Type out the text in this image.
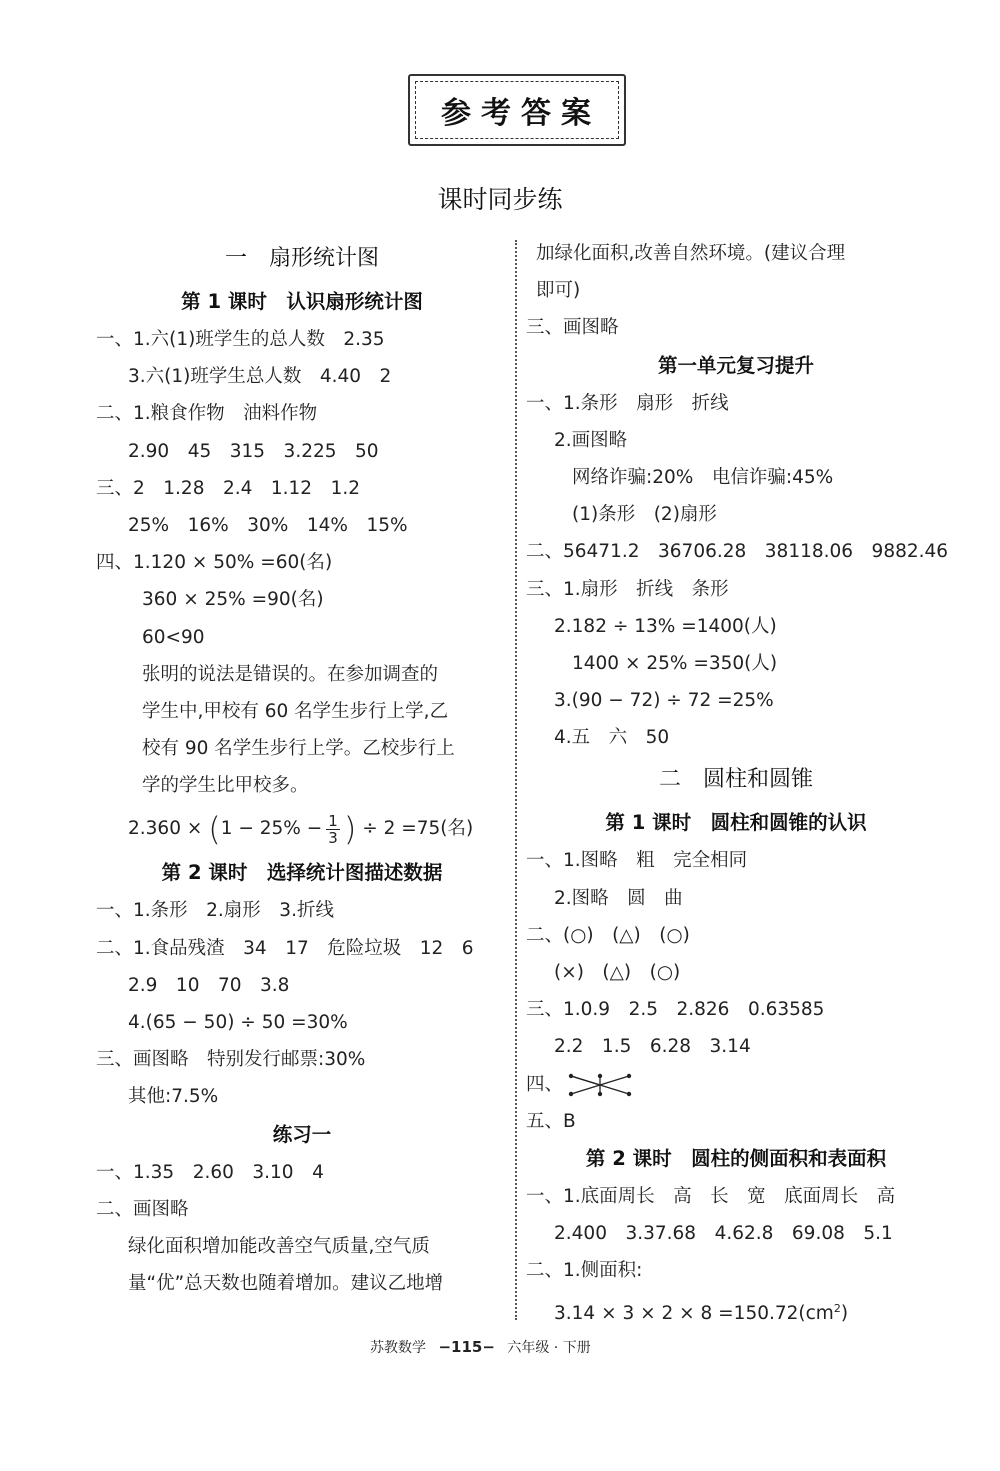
参考答案
课时同步练
一　扇形统计图
第 1 课时　认识扇形统计图
一、1.六(1)班学生的总人数　2.35
3.六(1)班学生总人数　4.40　2
二、1.粮食作物　油料作物
2.90　45　315　3.225　50
三、2　1.28　2.4　1.12　1.2
25%　16%　30%　14%　15%
四、1.120 × 50% =60(名)
360 × 25% =90(名)
60<90
张明的说法是错误的。在参加调查的
学生中,甲校有 60 名学生步行上学,乙
校有 90 名学生步行上学。乙校步行上
学的学生比甲校多。
$2.360 \times (1 - 25\% - \frac{1}{3}$ ) ÷ 2 =75(名)
第 2 课时　选择统计图描述数据
一、1.条形　2.扇形　3.折线
二、1.食品残渣　34　17　危险垃圾　12　6
2.9　10　70　3.8
4.(65 − 50) ÷ 50 =30%
三、画图略　特别发行邮票:30%
其他:7.5%
练习一
一、1.35　2.60　3.10　4
二、画图略
绿化面积增加能改善空气质量,空气质
量“优”总天数也随着增加。建议乙地增
加绿化面积,改善自然环境。(建议合理
即可)
三、画图略
第一单元复习提升
一、1.条形　扇形　折线
2.画图略
网络诈骗:20%　电信诈骗:45%
(1)条形　(2)扇形
二、56471.2　36706.28　38118.06　9882.46
三、1.扇形　折线　条形
2.182 ÷ 13% =1400(人)
1400 × 25% =350(人)
3.(90 − 72) ÷ 72 =25%
4.五　六　50
二　圆柱和圆锥
第 1 课时　圆柱和圆锥的认识
一、1.图略　粗　完全相同
2.图略　圆　曲
二、(○)　(△)　(○)
(×)　(△)　(○)
三、1.0.9　2.5　2.826　0.63585
2.2　1.5　6.28　3.14
四、
五、B
第 2 课时　圆柱的侧面积和表面积
一、1.底面周长　高　长　宽　底面周长　高
2.400　3.37.68　4.62.8　69.08　5.1
二、1.侧面积:
$3.14 \times 3 \times 2 \times 8 =150.72(cm^2)$
苏教数学 −115− 六年级 · 下册
